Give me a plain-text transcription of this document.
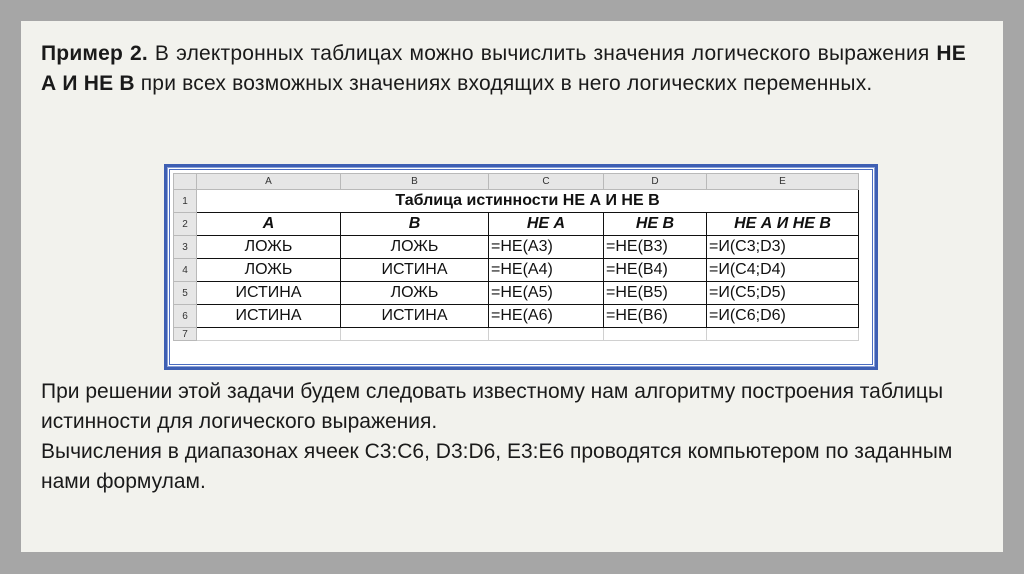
Пример 2. В электронных таблицах можно вычислить значения логического выражения НЕ А И НЕ В при всех возможных значениях входящих в него логических переменных.
	A	B	C	D	E
1	Таблица истинности НЕ А И НЕ В				
2	А	В	НЕ А	НЕ В	НЕ А И НЕ В
3	ЛОЖЬ	ЛОЖЬ	=НЕ(A3)	=НЕ(B3)	=И(C3;D3)
4	ЛОЖЬ	ИСТИНА	=НЕ(A4)	=НЕ(B4)	=И(C4;D4)
5	ИСТИНА	ЛОЖЬ	=НЕ(A5)	=НЕ(B5)	=И(C5;D5)
6	ИСТИНА	ИСТИНА	=НЕ(A6)	=НЕ(B6)	=И(C6;D6)
7					

При решении этой задачи будем следовать известному нам алгоритму построения таблицы истинности для логического выражения.

Вычисления в диапазонах ячеек С3:С6, D3:D6, E3:E6 проводятся компьютером по заданным нами формулам.
